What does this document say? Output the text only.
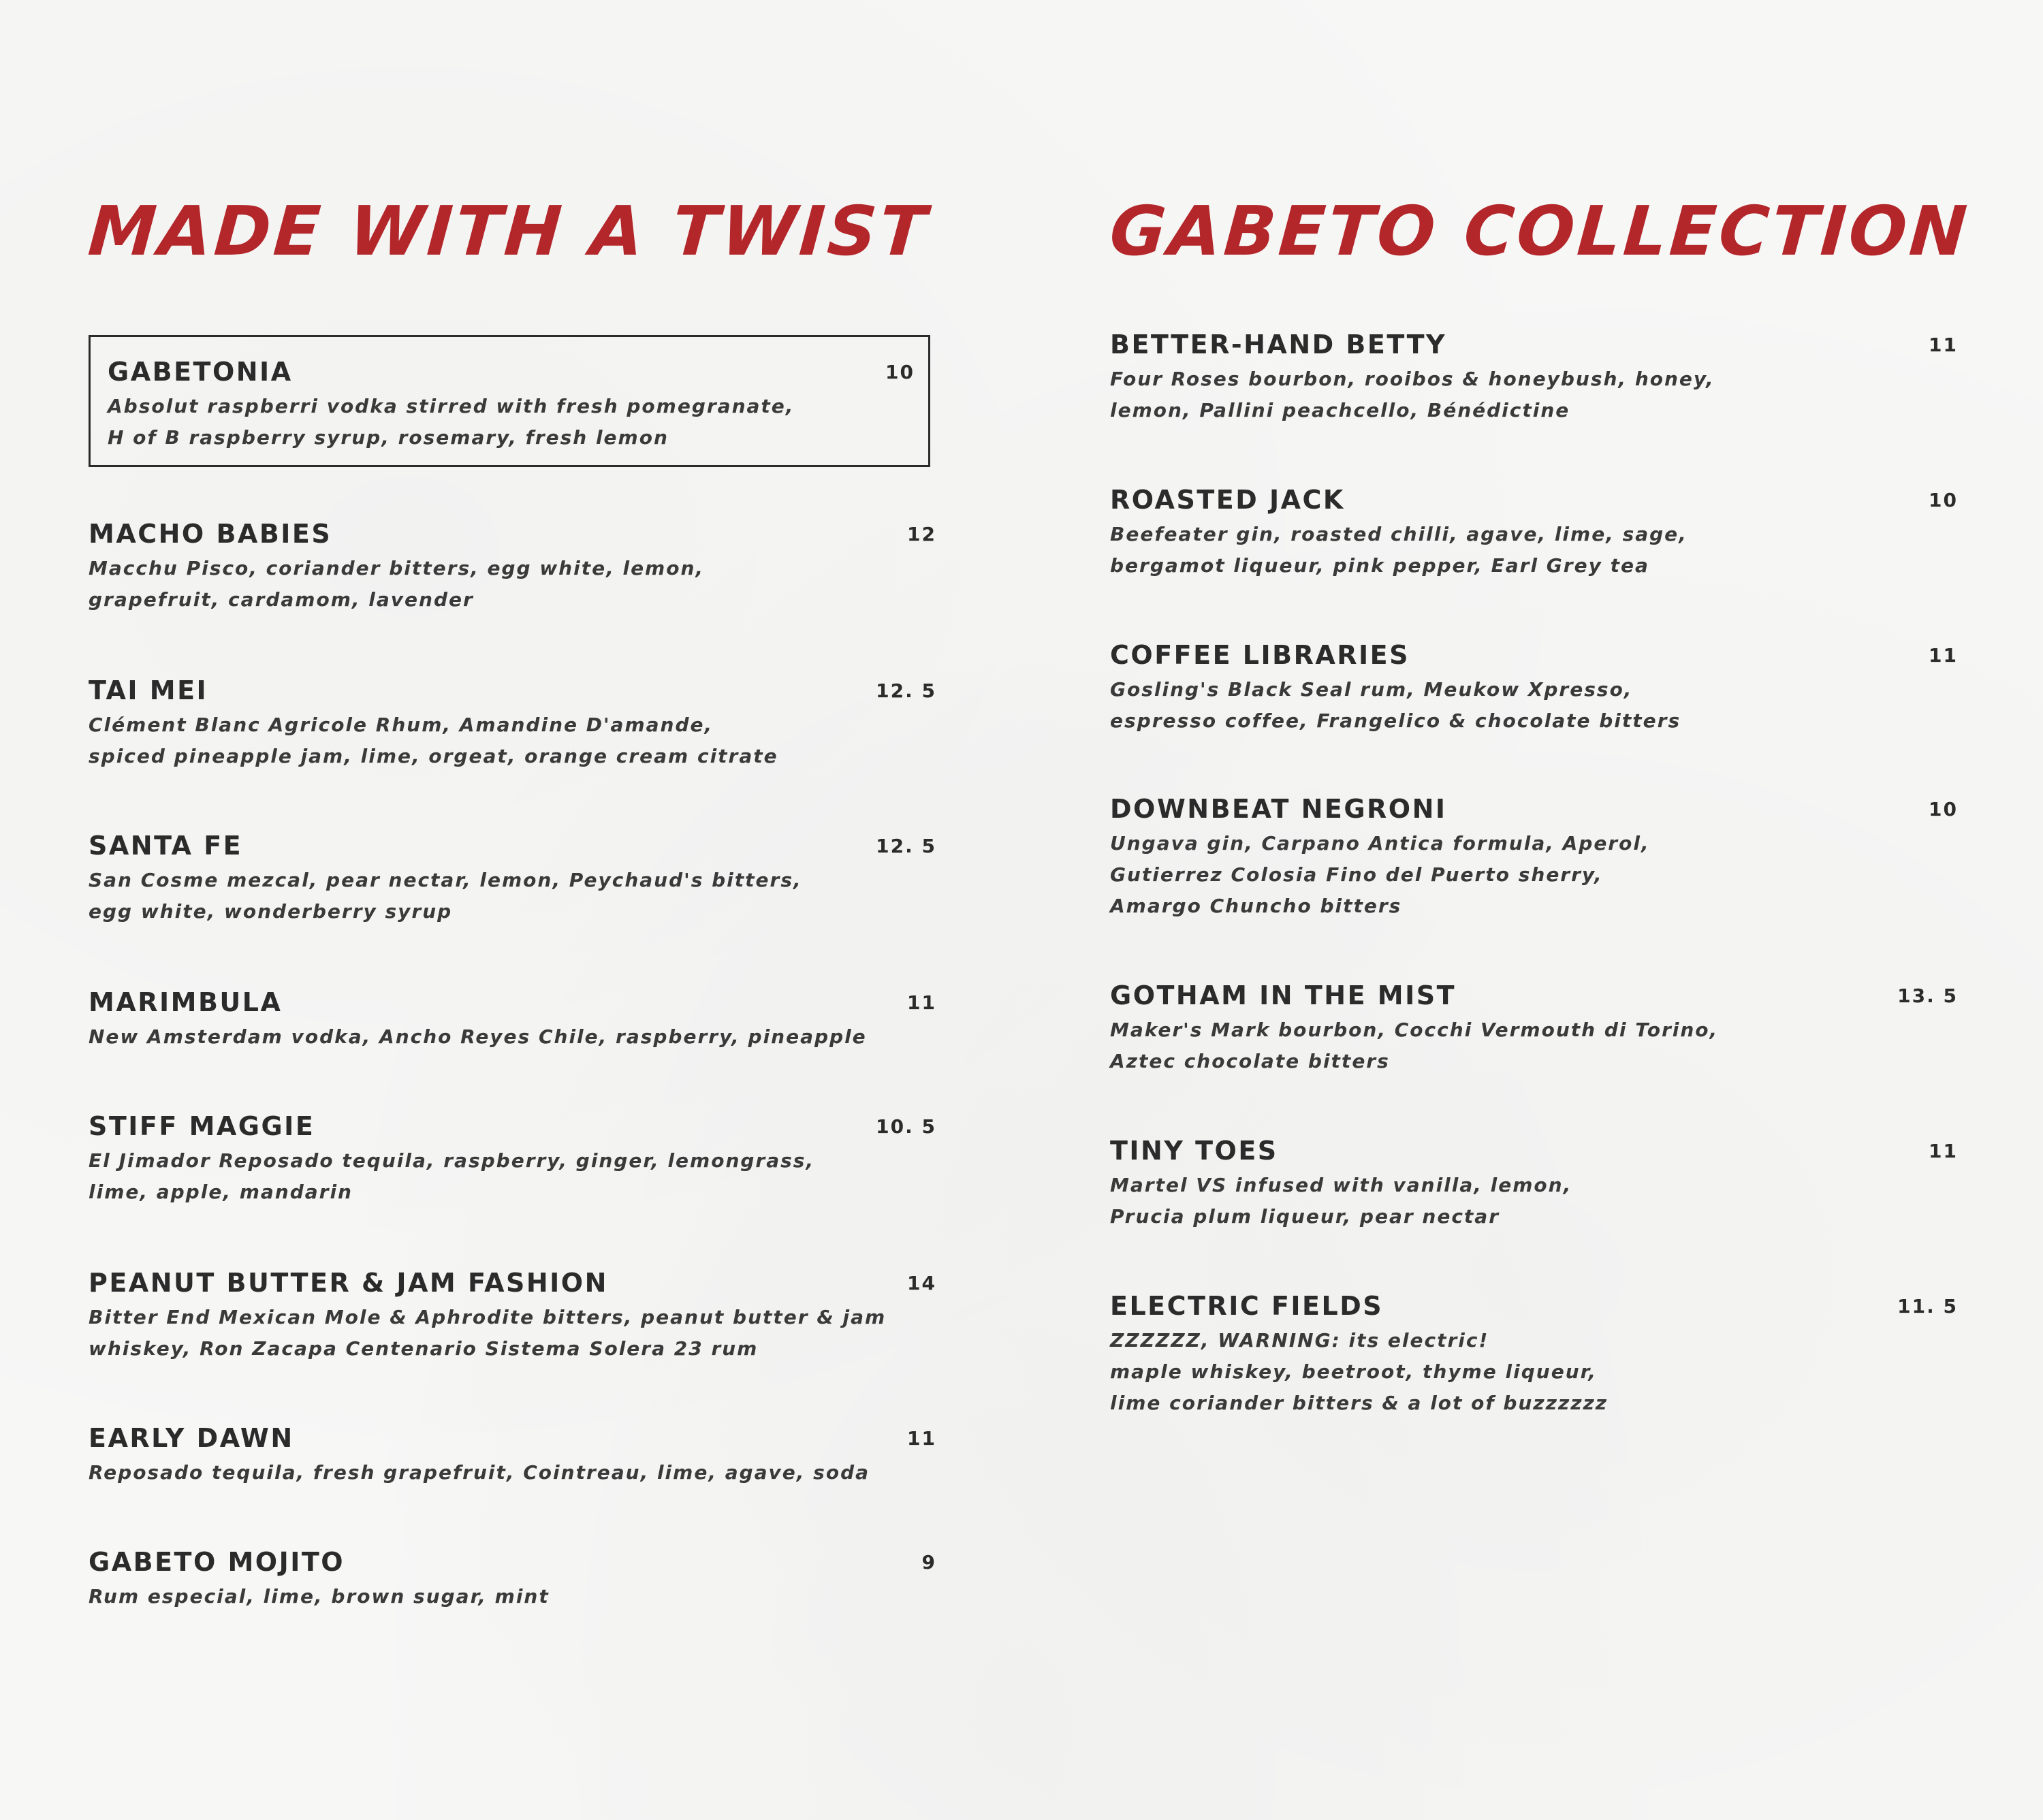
MADE WITH A TWIST
GABETONIA	10
Absolut raspberri vodka stirred with fresh pomegranate,
H of B raspberry syrup, rosemary, fresh lemon
MACHO BABIES	12
Macchu Pisco, coriander bitters, egg white, lemon,
grapefruit, cardamom, lavender
TAI MEI	12. 5
Clément Blanc Agricole Rhum, Amandine D'amande,
spiced pineapple jam, lime, orgeat, orange cream citrate
SANTA FE	12. 5
San Cosme mezcal, pear nectar, lemon, Peychaud's bitters,
egg white, wonderberry syrup
MARIMBULA	11
New Amsterdam vodka, Ancho Reyes Chile, raspberry, pineapple
STIFF MAGGIE	10. 5
El Jimador Reposado tequila, raspberry, ginger, lemongrass,
lime, apple, mandarin
PEANUT BUTTER & JAM FASHION	14
Bitter End Mexican Mole & Aphrodite bitters, peanut butter & jam
whiskey, Ron Zacapa Centenario Sistema Solera 23 rum
EARLY DAWN	11
Reposado tequila, fresh grapefruit, Cointreau, lime, agave, soda
GABETO MOJITO	9
Rum especial, lime, brown sugar, mint
GABETO COLLECTION
BETTER-HAND BETTY	11
Four Roses bourbon, rooibos & honeybush, honey,
lemon, Pallini peachcello, Bénédictine
ROASTED JACK	10
Beefeater gin, roasted chilli, agave, lime, sage,
bergamot liqueur, pink pepper, Earl Grey tea
COFFEE LIBRARIES	11
Gosling's Black Seal rum, Meukow Xpresso,
espresso coffee, Frangelico & chocolate bitters
DOWNBEAT NEGRONI	10
Ungava gin, Carpano Antica formula, Aperol,
Gutierrez Colosia Fino del Puerto sherry,
Amargo Chuncho bitters
GOTHAM IN THE MIST	13. 5
Maker's Mark bourbon, Cocchi Vermouth di Torino,
Aztec chocolate bitters
TINY TOES	11
Martel VS infused with vanilla, lemon,
Prucia plum liqueur, pear nectar
ELECTRIC FIELDS	11. 5
ZZZZZZ, WARNING: its electric!
maple whiskey, beetroot, thyme liqueur,
lime coriander bitters & a lot of buzzzzzz
